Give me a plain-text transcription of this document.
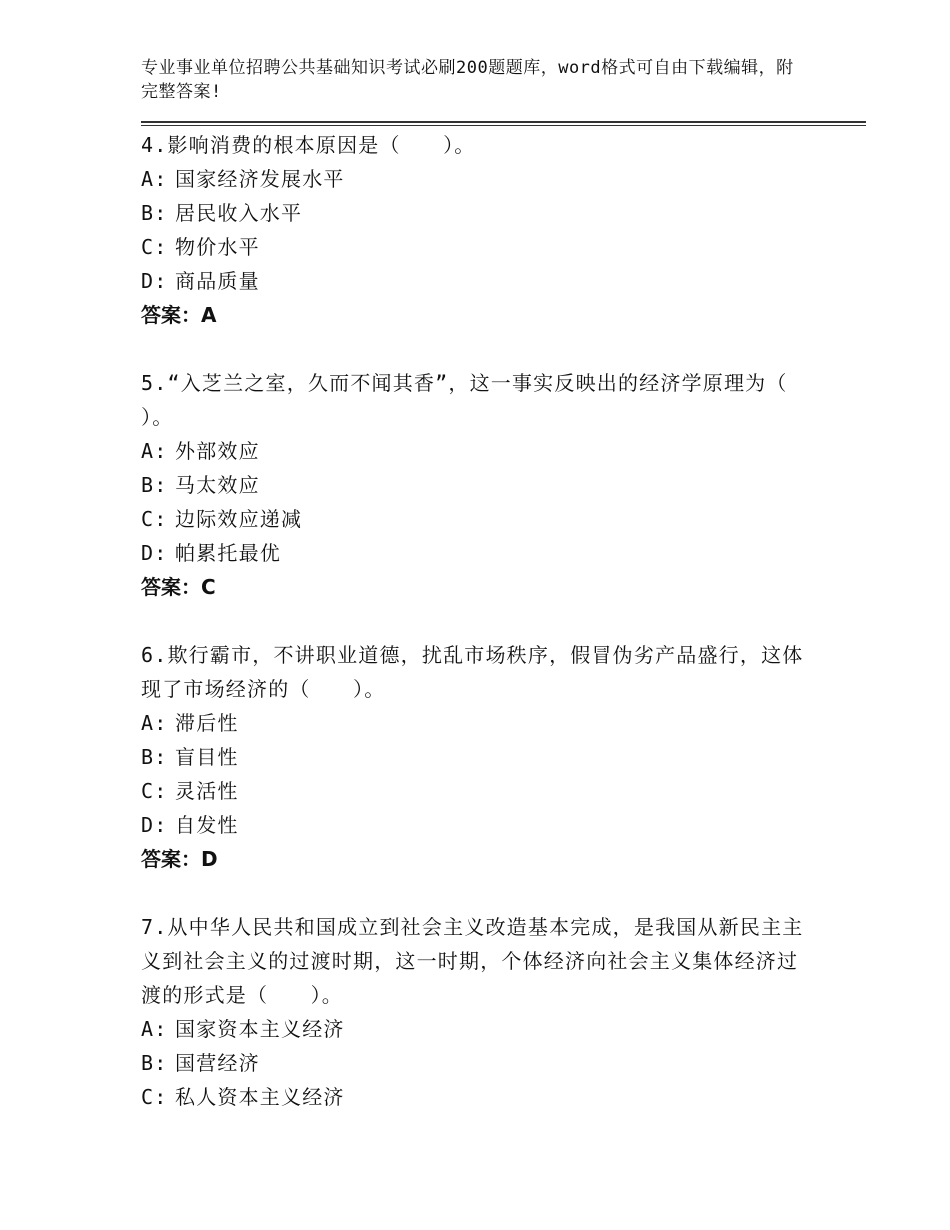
专业事业单位招聘公共基础知识考试必刷200题题库，word格式可自由下载编辑，附完整答案!
4.影响消费的根本原因是（　　）。
A: 国家经济发展水平
B: 居民收入水平
C: 物价水平
D: 商品质量
答案：A
5.“入芝兰之室，久而不闻其香”，这一事实反映出的经济学原理为（　　）。
A: 外部效应
B: 马太效应
C: 边际效应递减
D: 帕累托最优
答案：C
6.欺行霸市，不讲职业道德，扰乱市场秩序，假冒伪劣产品盛行，这体现了市场经济的（　　）。
A: 滞后性
B: 盲目性
C: 灵活性
D: 自发性
答案：D
7.从中华人民共和国成立到社会主义改造基本完成，是我国从新民主主义到社会主义的过渡时期，这一时期，个体经济向社会主义集体经济过渡的形式是（　　）。
A: 国家资本主义经济
B: 国营经济
C: 私人资本主义经济
